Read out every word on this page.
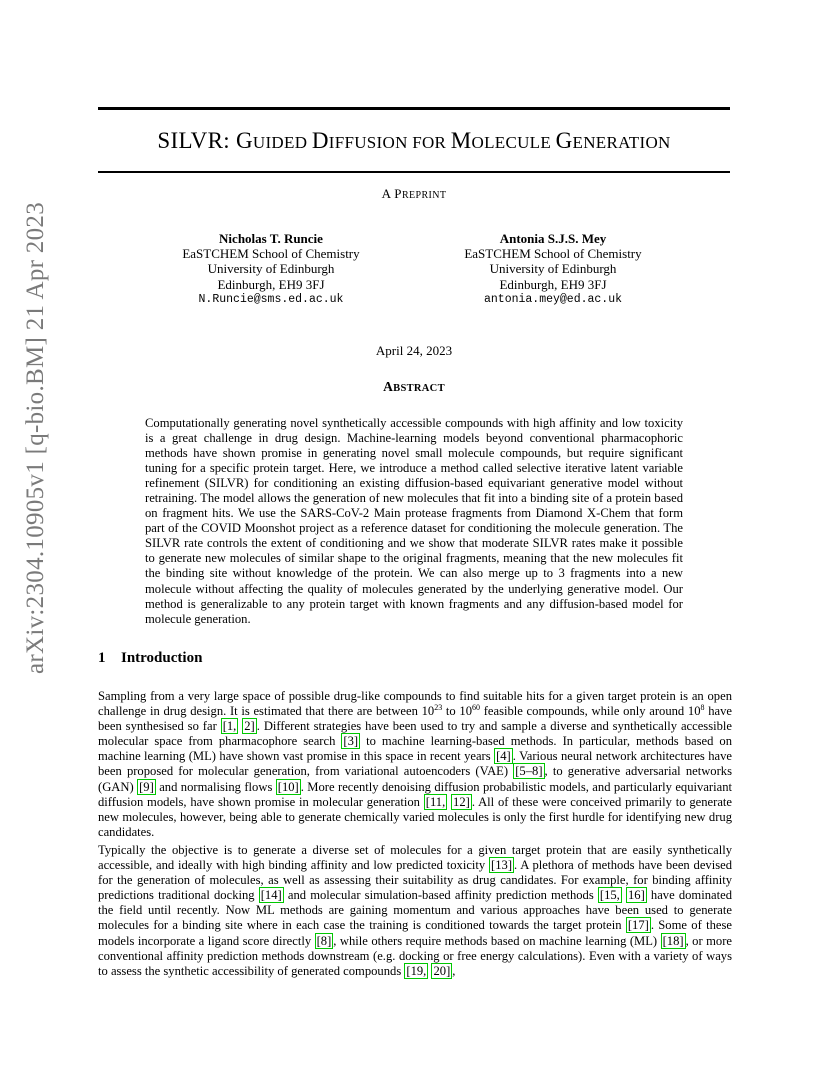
arXiv:2304.10905v1 [q-bio.BM] 21 Apr 2023
SILVR: GUIDED DIFFUSION FOR MOLECULE GENERATION
A PREPRINT
Nicholas T. Runcie
EaSTCHEM School of Chemistry
University of Edinburgh
Edinburgh, EH9 3FJ
N.Runcie@sms.ed.ac.uk
Antonia S.J.S. Mey
EaSTCHEM School of Chemistry
University of Edinburgh
Edinburgh, EH9 3FJ
antonia.mey@ed.ac.uk
April 24, 2023
ABSTRACT
Computationally generating novel synthetically accessible compounds with high affinity and low toxicity is a great challenge in drug design. Machine-learning models beyond conventional pharmacophoric methods have shown promise in generating novel small molecule compounds, but require significant tuning for a specific protein target. Here, we introduce a method called selective iterative latent variable refinement (SILVR) for conditioning an existing diffusion-based equivariant generative model without retraining. The model allows the generation of new molecules that fit into a binding site of a protein based on fragment hits. We use the SARS-CoV-2 Main protease fragments from Diamond X-Chem that form part of the COVID Moonshot project as a reference dataset for conditioning the molecule generation. The SILVR rate controls the extent of conditioning and we show that moderate SILVR rates make it possible to generate new molecules of similar shape to the original fragments, meaning that the new molecules fit the binding site without knowledge of the protein. We can also merge up to 3 fragments into a new molecule without affecting the quality of molecules generated by the underlying generative model. Our method is generalizable to any protein target with known fragments and any diffusion-based model for molecule generation.
1 Introduction

Sampling from a very large space of possible drug-like compounds to find suitable hits for a given target protein is an open challenge in drug design. It is estimated that there are between $10^{23}$ to $10^{60}$ feasible compounds, while only around $10^8$ have been synthesised so far [1, 2] . Different strategies have been used to try and sample a diverse and synthetically accessible molecular space from pharmacophore search [3] to machine learning-based methods. In particular, methods based on machine learning (ML) have shown vast promise in this space in recent years [4] . Various neural network architectures have been proposed for molecular generation, from variational autoencoders (VAE) [5–8] , to generative adversarial networks (GAN) [9] and normalising flows [10] . More recently denoising diffusion probabilistic models, and particularly equivariant diffusion models, have shown promise in molecular generation [11, 12] . All of these were conceived primarily to generate new molecules, however, being able to generate chemically varied molecules is only the first hurdle for identifying new drug candidates.

Typically the objective is to generate a diverse set of molecules for a given target protein that are easily synthetically accessible, and ideally with high binding affinity and low predicted toxicity [13] . A plethora of methods have been devised for the generation of molecules, as well as assessing their suitability as drug candidates. For example, for binding affinity predictions traditional docking [14] and molecular simulation-based affinity prediction methods [15, 16] have dominated the field until recently. Now ML methods are gaining momentum and various approaches have been used to generate molecules for a binding site where in each case the training is conditioned towards the target protein [17] . Some of these models incorporate a ligand score directly [8] , while others require methods based on machine learning (ML) [18] , or more conventional affinity prediction methods downstream (e.g. docking or free energy calculations). Even with a variety of ways to assess the synthetic accessibility of generated compounds [19, 20] ,
